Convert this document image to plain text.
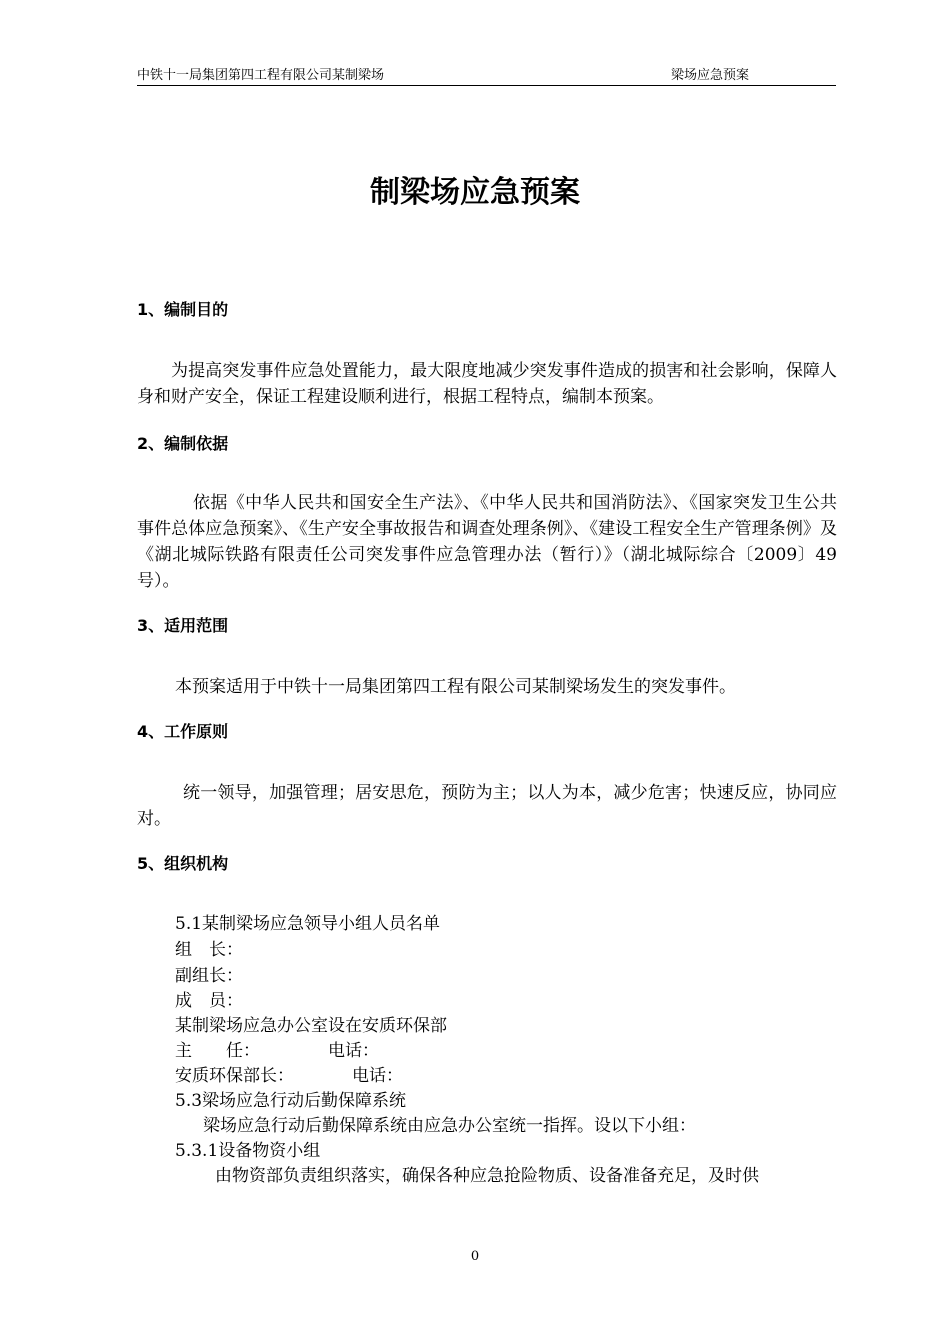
中铁十一局集团第四工程有限公司某制梁场	梁场应急预案
制梁场应急预案
1、编制目的
为提高突发事件应急处置能力，最大限度地减少突发事件造成的损害和社会影响，保障人身和财产安全，保证工程建设顺利进行，根据工程特点，编制本预案。
2、编制依据
依据《中华人民共和国安全生产法》、《中华人民共和国消防法》、《国家突发卫生公共事件总体应急预案》、《生产安全事故报告和调查处理条例》、《建设工程安全生产管理条例》及《湖北城际铁路有限责任公司突发事件应急管理办法（暂行）》（湖北城际综合〔2009〕49号）。
3、适用范围
本预案适用于中铁十一局集团第四工程有限公司某制梁场发生的突发事件。
4、工作原则
统一领导，加强管理；居安思危，预防为主；以人为本，减少危害；快速反应，协同应对。
5、组织机构
5.1某制梁场应急领导小组人员名单
组　长：
副组长：
成　员：
某制梁场应急办公室设在安质环保部
主　　任：	电话：
安质环保部长：	电话：
5.3梁场应急行动后勤保障系统
梁场应急行动后勤保障系统由应急办公室统一指挥。设以下小组：
5.3.1设备物资小组
由物资部负责组织落实，确保各种应急抢险物质、设备准备充足，及时供
0
